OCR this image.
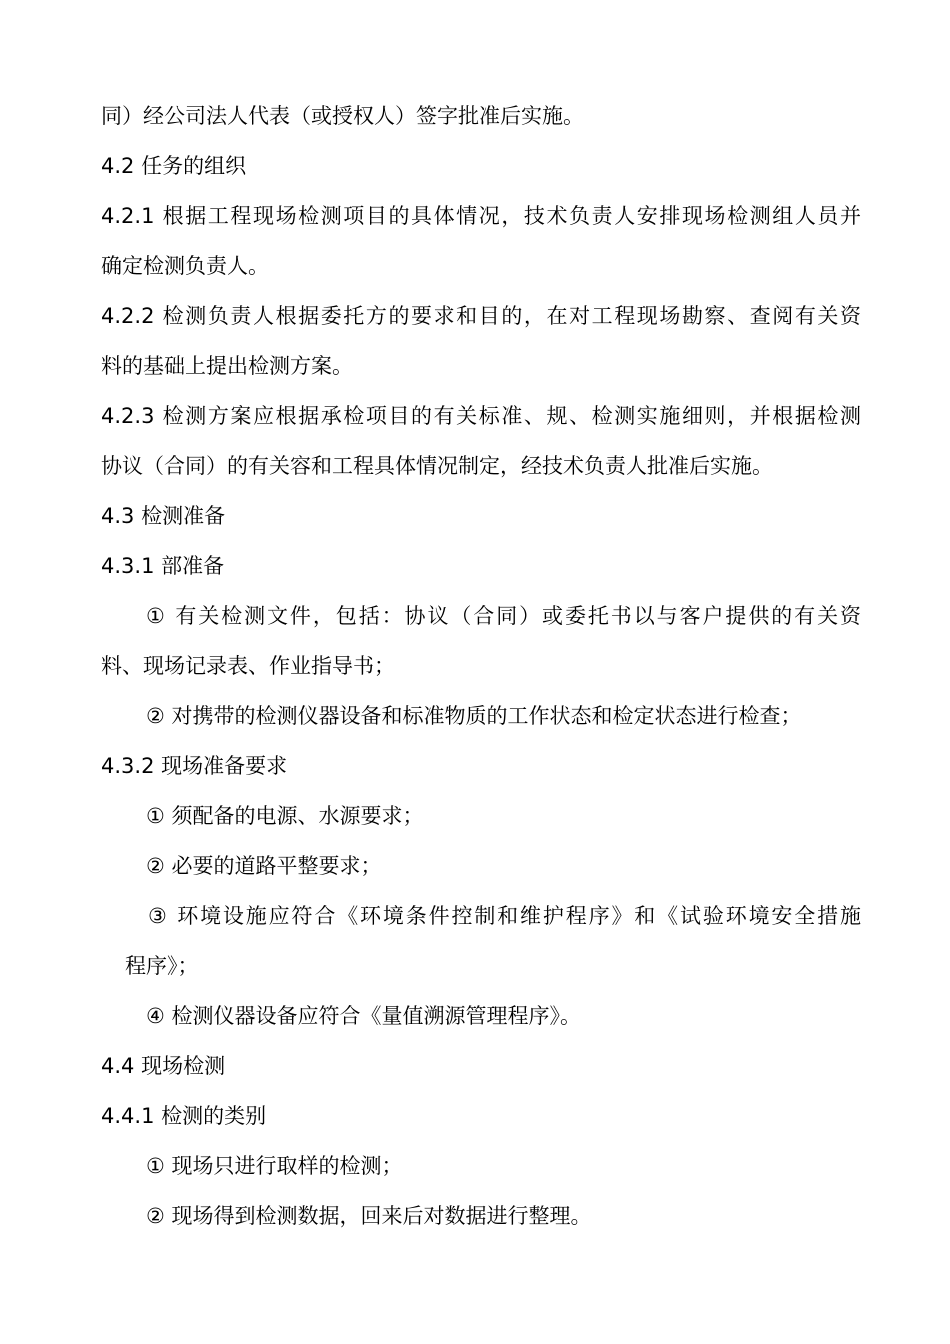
同）经公司法人代表（或授权人）签字批准后实施。
4.2 任务的组织
4.2.1 根据工程现场检测项目的具体情况，技术负责人安排现场检测组人员并
确定检测负责人。
4.2.2 检测负责人根据委托方的要求和目的，在对工程现场勘察、查阅有关资
料的基础上提出检测方案。
4.2.3 检测方案应根据承检项目的有关标准、规、检测实施细则，并根据检测
协议（合同）的有关容和工程具体情况制定，经技术负责人批准后实施。
4.3 检测准备
4.3.1 部准备
① 有关检测文件，包括：协议（合同）或委托书以与客户提供的有关资
料、现场记录表、作业指导书；
② 对携带的检测仪器设备和标准物质的工作状态和检定状态进行检查；
4.3.2 现场准备要求
① 须配备的电源、水源要求；
② 必要的道路平整要求；
③ 环境设施应符合《环境条件控制和维护程序》和《试验环境安全措施
程序》；
④ 检测仪器设备应符合《量值溯源管理程序》。
4.4 现场检测
4.4.1 检测的类别
① 现场只进行取样的检测；
② 现场得到检测数据，回来后对数据进行整理。
